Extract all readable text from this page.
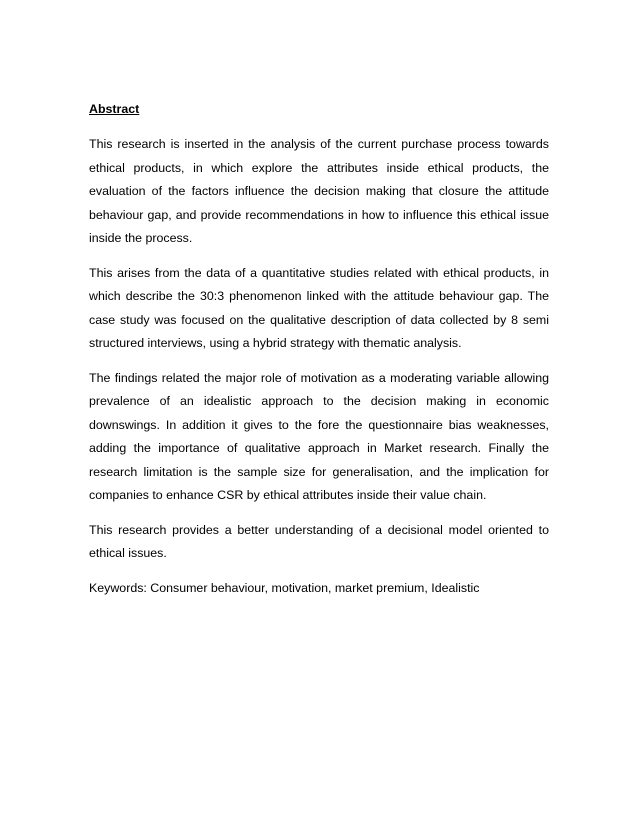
Abstract

This research is inserted in the analysis of the current purchase process towards ethical products, in which explore the attributes inside ethical products, the evaluation of the factors influence the decision making that closure the attitude behaviour gap, and provide recommendations in how to influence this ethical issue inside the process.

This arises from the data of a quantitative studies related with ethical products, in which describe the 30:3 phenomenon linked with the attitude behaviour gap. The case study was focused on the qualitative description of data collected by 8 semi structured interviews, using a hybrid strategy with thematic analysis.

The findings related the major role of motivation as a moderating variable allowing prevalence of an idealistic approach to the decision making in economic downswings. In addition it gives to the fore the questionnaire bias weaknesses, adding the importance of qualitative approach in Market research. Finally the research limitation is the sample size for generalisation, and the implication for companies to enhance CSR by ethical attributes inside their value chain.

This research provides a better understanding of a decisional model oriented to ethical issues.

Keywords: Consumer behaviour, motivation, market premium, Idealistic
